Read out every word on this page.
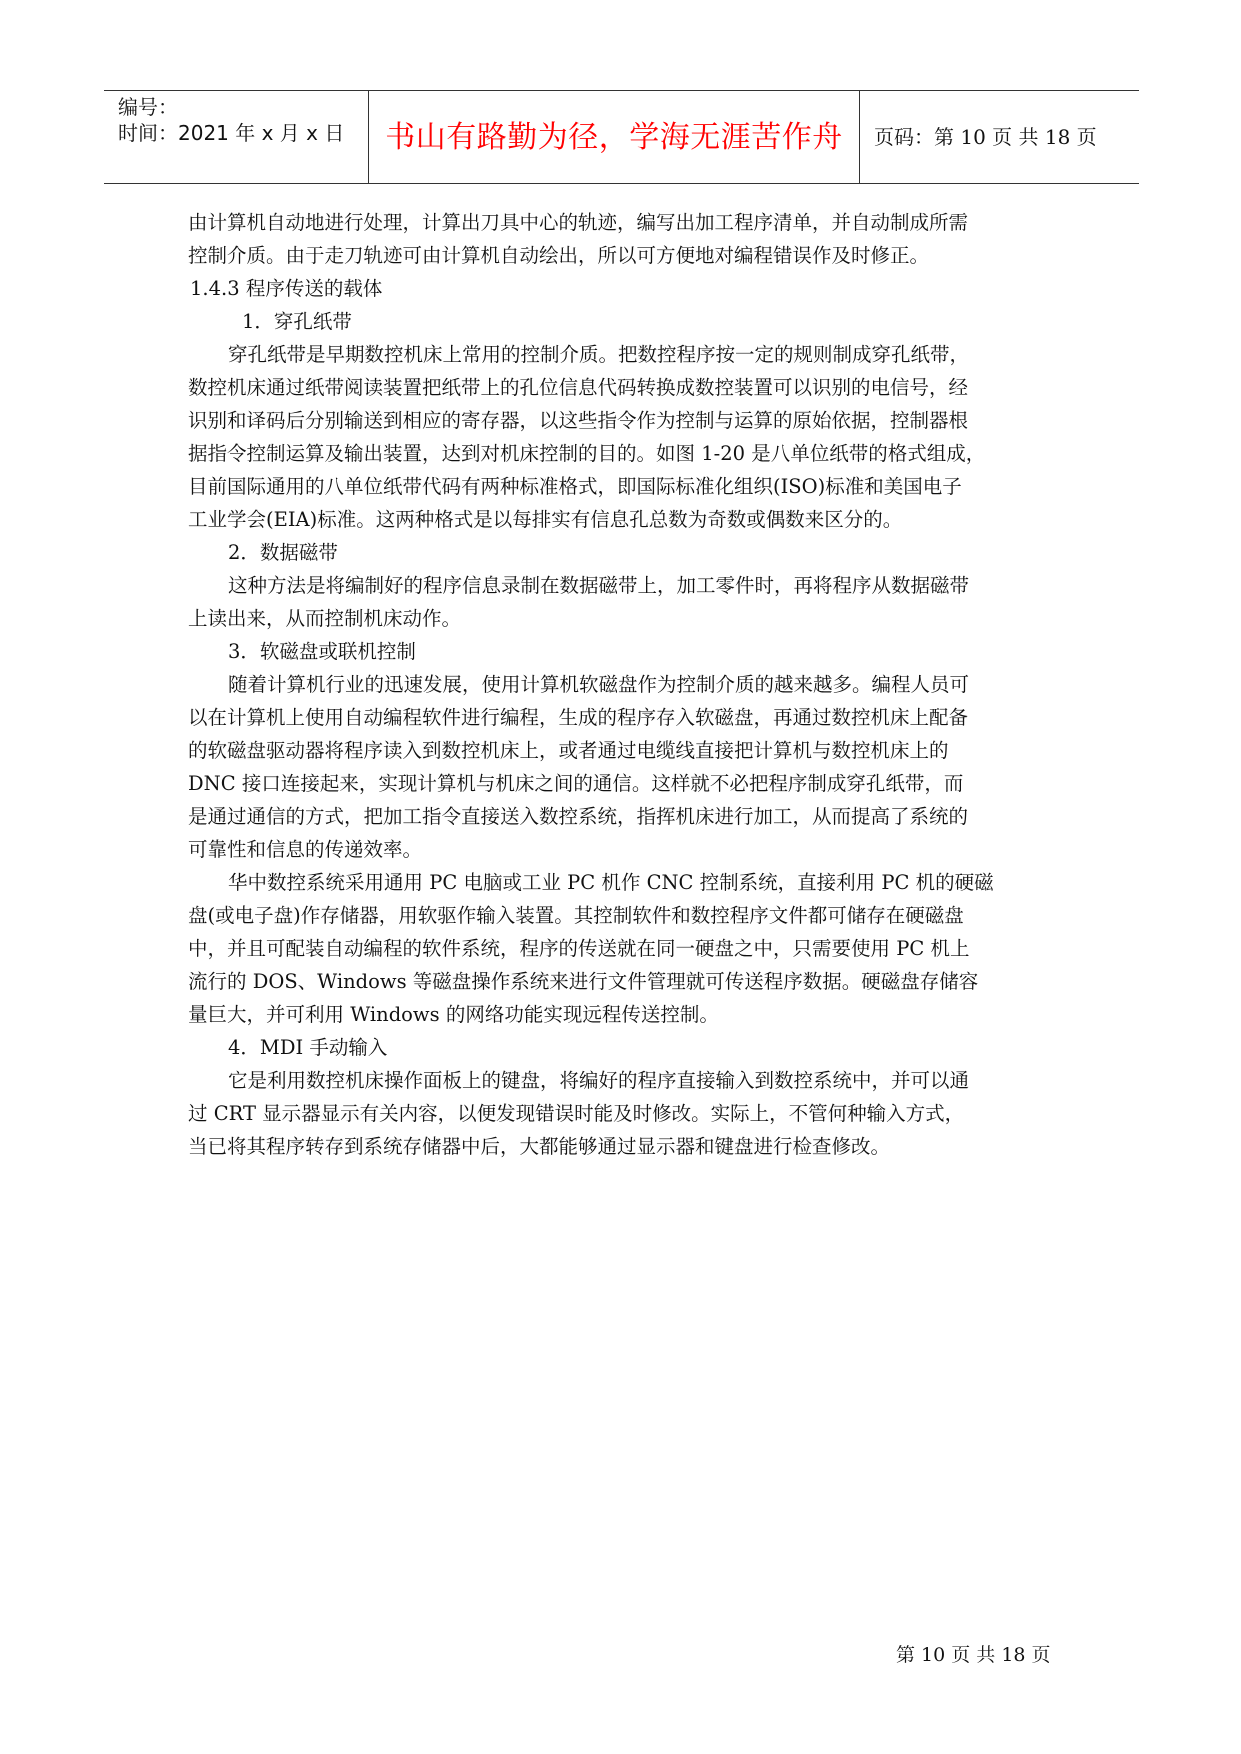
编号：
时间：2021 年 x 月 x 日	书山有路勤为径，学海无涯苦作舟	页码：第 10 页 共 18 页
由计算机自动地进行处理，计算出刀具中心的轨迹，编写出加工程序清单，并自动制成所需
控制介质。由于走刀轨迹可由计算机自动绘出，所以可方便地对编程错误作及时修正。
1.4.3 程序传送的载体
1．穿孔纸带
穿孔纸带是早期数控机床上常用的控制介质。把数控程序按一定的规则制成穿孔纸带，
数控机床通过纸带阅读装置把纸带上的孔位信息代码转换成数控装置可以识别的电信号，经
识别和译码后分别输送到相应的寄存器，以这些指令作为控制与运算的原始依据，控制器根
据指令控制运算及输出装置，达到对机床控制的目的。如图 1-20 是八单位纸带的格式组成，
目前国际通用的八单位纸带代码有两种标准格式，即国际标准化组织(ISO)标准和美国电子
工业学会(EIA)标准。这两种格式是以每排实有信息孔总数为奇数或偶数来区分的。
2．数据磁带
这种方法是将编制好的程序信息录制在数据磁带上，加工零件时，再将程序从数据磁带
上读出来，从而控制机床动作。
3．软磁盘或联机控制
随着计算机行业的迅速发展，使用计算机软磁盘作为控制介质的越来越多。编程人员可
以在计算机上使用自动编程软件进行编程，生成的程序存入软磁盘，再通过数控机床上配备
的软磁盘驱动器将程序读入到数控机床上，或者通过电缆线直接把计算机与数控机床上的
DNC 接口连接起来，实现计算机与机床之间的通信。这样就不必把程序制成穿孔纸带，而
是通过通信的方式，把加工指令直接送入数控系统，指挥机床进行加工，从而提高了系统的
可靠性和信息的传递效率。
华中数控系统采用通用 PC 电脑或工业 PC 机作 CNC 控制系统，直接利用 PC 机的硬磁
盘(或电子盘)作存储器，用软驱作输入装置。其控制软件和数控程序文件都可储存在硬磁盘
中，并且可配装自动编程的软件系统，程序的传送就在同一硬盘之中，只需要使用 PC 机上
流行的 DOS、Windows 等磁盘操作系统来进行文件管理就可传送程序数据。硬磁盘存储容
量巨大，并可利用 Windows 的网络功能实现远程传送控制。
4．MDI 手动输入
它是利用数控机床操作面板上的键盘，将编好的程序直接输入到数控系统中，并可以通
过 CRT 显示器显示有关内容，以便发现错误时能及时修改。实际上，不管何种输入方式，
当已将其程序转存到系统存储器中后，大都能够通过显示器和键盘进行检查修改。
第 10 页 共 18 页
